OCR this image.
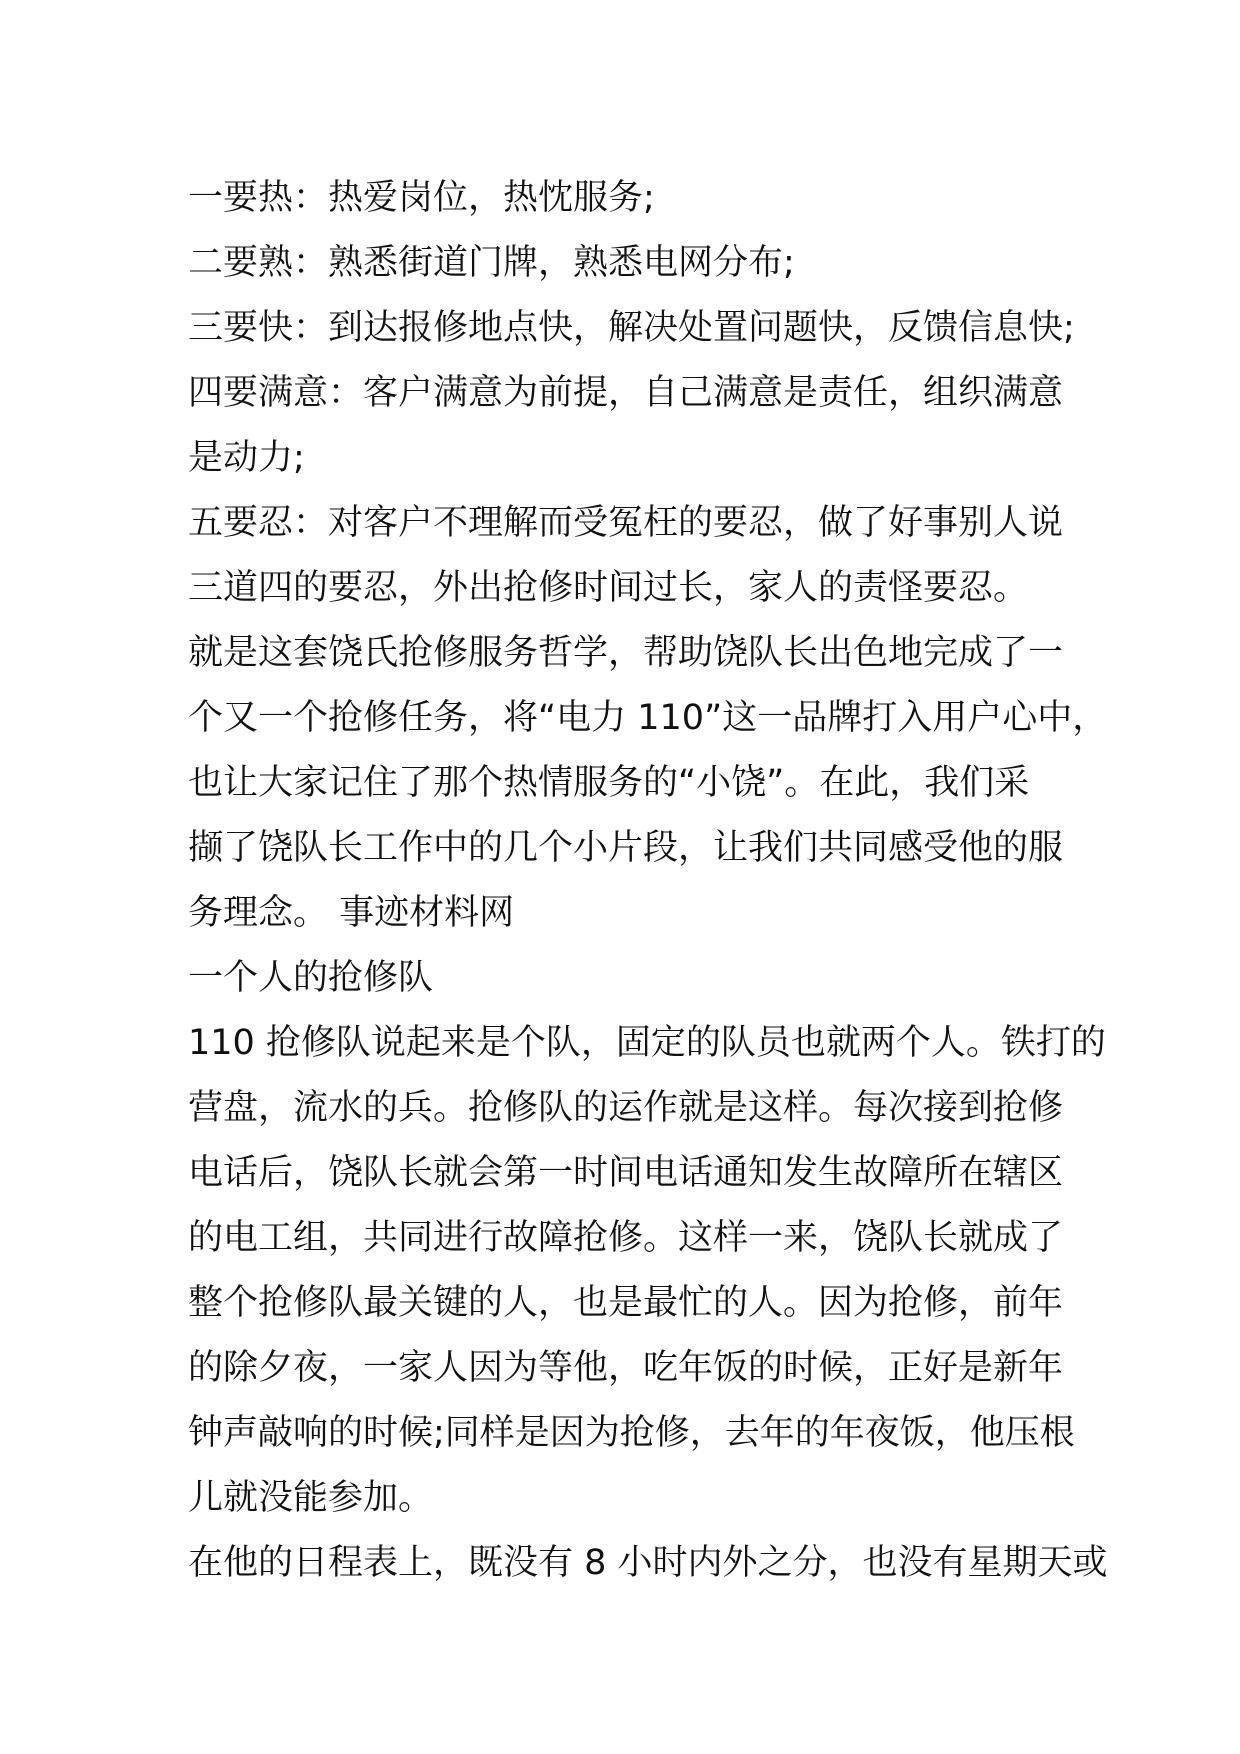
一要热：热爱岗位，热忱服务;
二要熟：熟悉街道门牌，熟悉电网分布;
三要快：到达报修地点快，解决处置问题快，反馈信息快;
四要满意：客户满意为前提，自己满意是责任，组织满意
是动力;
五要忍：对客户不理解而受冤枉的要忍，做了好事别人说
三道四的要忍，外出抢修时间过长，家人的责怪要忍。
就是这套饶氏抢修服务哲学，帮助饶队长出色地完成了一
个又一个抢修任务，将“电力 110”这一品牌打入用户心中，
也让大家记住了那个热情服务的“小饶”。在此，我们采
撷了饶队长工作中的几个小片段，让我们共同感受他的服
务理念。 事迹材料网
一个人的抢修队
110 抢修队说起来是个队，固定的队员也就两个人。铁打的
营盘，流水的兵。抢修队的运作就是这样。每次接到抢修
电话后，饶队长就会第一时间电话通知发生故障所在辖区
的电工组，共同进行故障抢修。这样一来，饶队长就成了
整个抢修队最关键的人，也是最忙的人。因为抢修，前年
的除夕夜，一家人因为等他，吃年饭的时候，正好是新年
钟声敲响的时候;同样是因为抢修，去年的年夜饭，他压根
儿就没能参加。
在他的日程表上，既没有 8 小时内外之分，也没有星期天或
